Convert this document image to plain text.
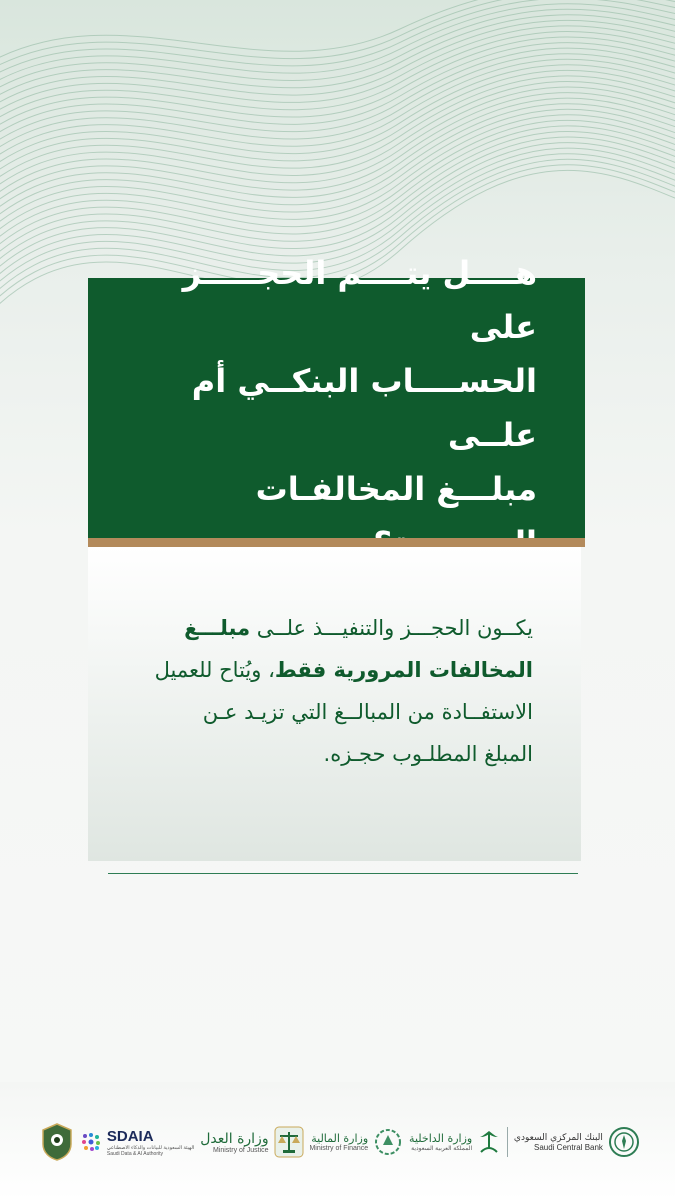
هــــل يتــــم الحجـــــز على
الحســــاب البنكــي أم علــى
مبلـــغ المخالفـات
يكــون الحجـــز والتنفيـــذ علــى مبلـــغ
المخالفات المرورية فقط، ويُتاح للعميل
الاستفــادة من المبالــغ التي تزيـد عـن
المبلغ المطلـوب حجـزه.
SDAIA
الهيئة السعودية للبيانات والذكاء الاصطناعي
Saudi Data & AI Authority
وزارة العدل
Ministry of Justice
وزارة المالية
Ministry of Finance
وزارة الداخلية
المملكة العربية السعودية
البنك المركزي السعودي
Saudi Central Bank
